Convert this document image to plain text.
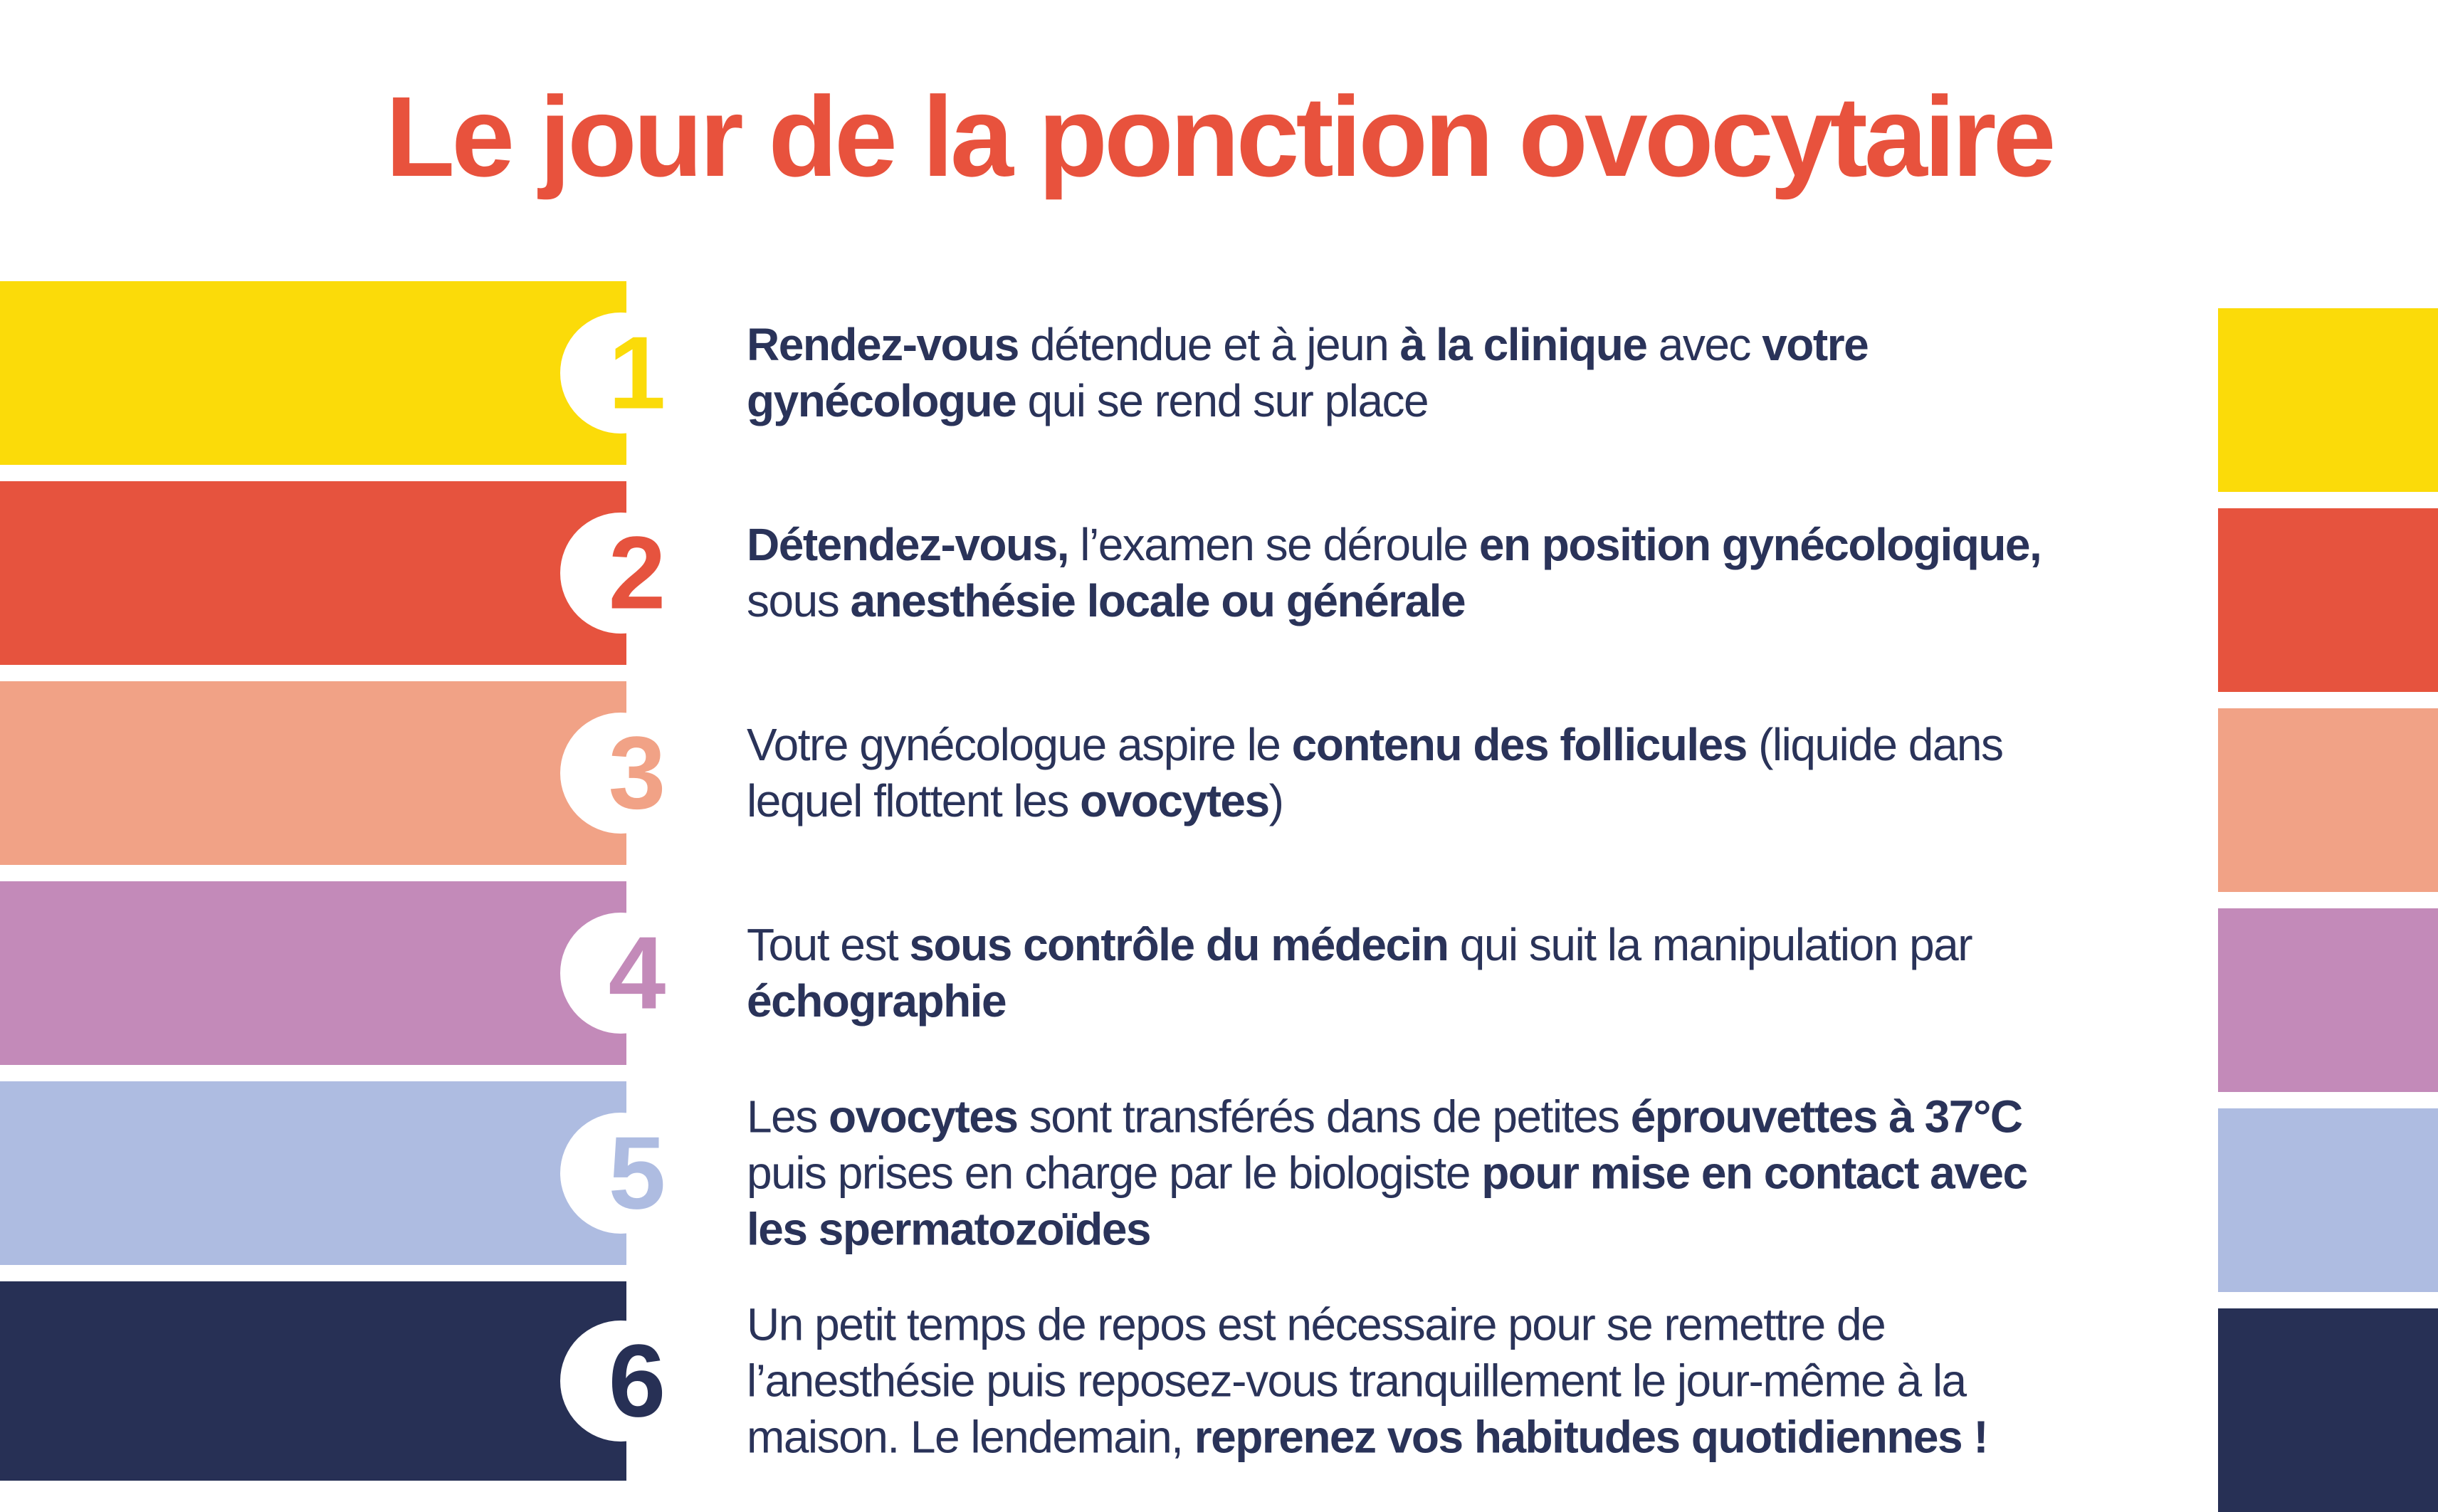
Le jour de la ponction ovocytaire
1	Rendez-vous détendue et à jeun à la clinique avec votre
gynécologue qui se rend sur place
2	Détendez-vous, l’examen se déroule en position gynécologique,
sous anesthésie locale ou générale
3	Votre gynécologue aspire le contenu des follicules (liquide dans
lequel flottent les ovocytes)
4	Tout est sous contrôle du médecin qui suit la manipulation par
échographie
5	Les ovocytes sont transférés dans de petites éprouvettes à 37°C
puis prises en charge par le biologiste pour mise en contact avec
les spermatozoïdes
6	Un petit temps de repos est nécessaire pour se remettre de
l’anesthésie puis reposez-vous tranquillement le jour-même à la
maison. Le lendemain, reprenez vos habitudes quotidiennes !
